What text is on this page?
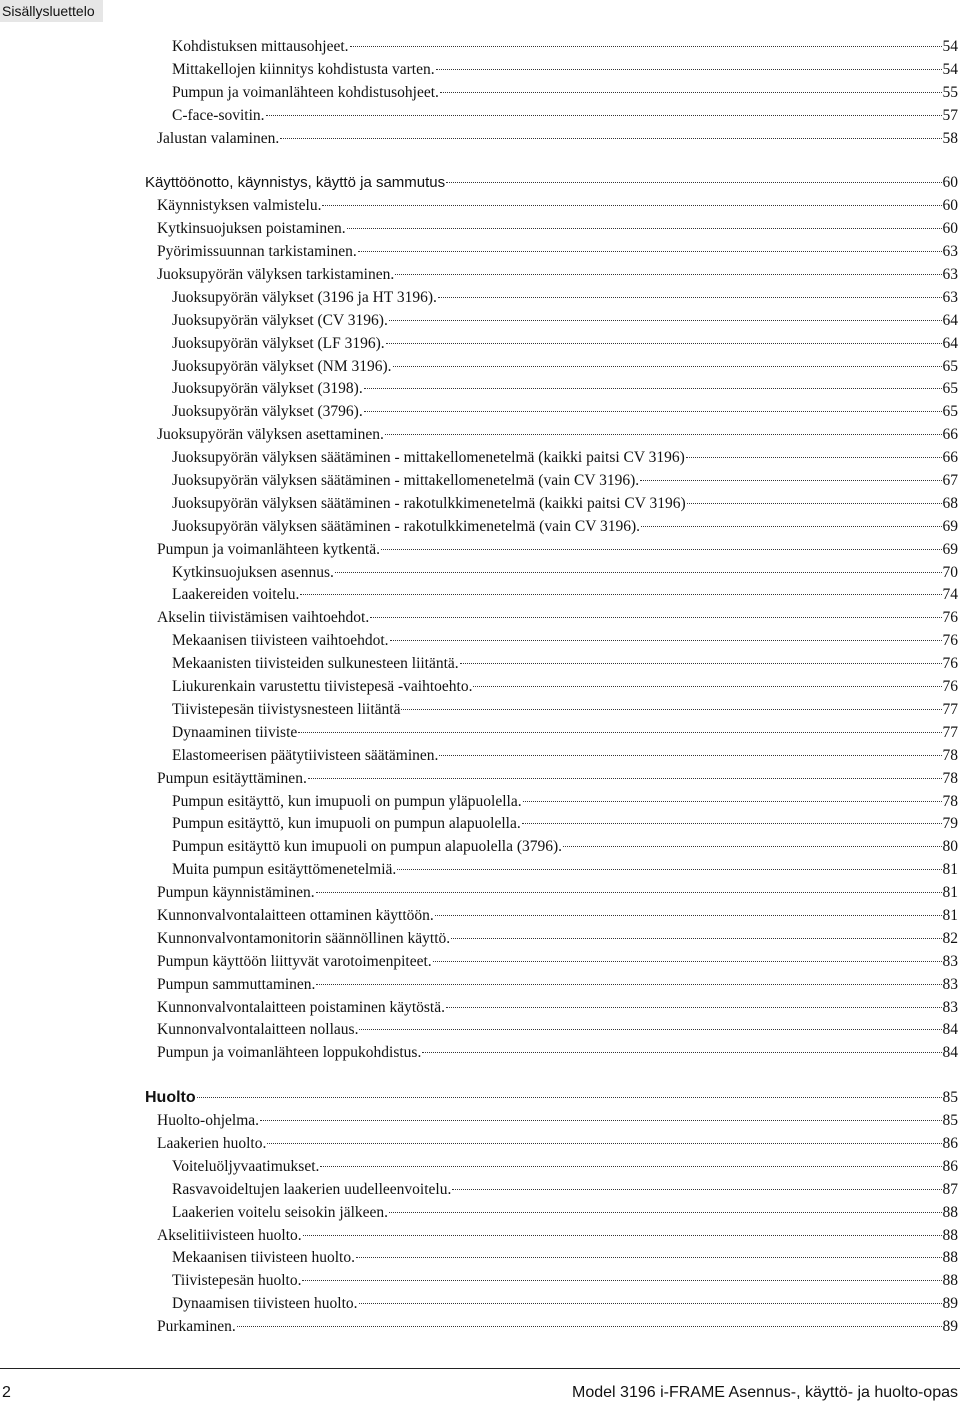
Sisällysluettelo
Kohdistuksen mittausohjeet.	54
Mittakellojen kiinnitys kohdistusta varten.	54
Pumpun ja voimanlähteen kohdistusohjeet.	55
C-face-sovitin.	57
Jalustan valaminen.	58
Käyttöönotto, käynnistys, käyttö ja sammutus	60
Käynnistyksen valmistelu.	60
Kytkinsuojuksen poistaminen.	60
Pyörimissuunnan tarkistaminen.	63
Juoksupyörän välyksen tarkistaminen.	63
Juoksupyörän välykset (3196 ja HT 3196).	63
Juoksupyörän välykset (CV 3196).	64
Juoksupyörän välykset (LF 3196).	64
Juoksupyörän välykset (NM 3196).	65
Juoksupyörän välykset (3198).	65
Juoksupyörän välykset (3796).	65
Juoksupyörän välyksen asettaminen.	66
Juoksupyörän välyksen säätäminen - mittakellomenetelmä (kaikki paitsi CV 3196)	66
Juoksupyörän välyksen säätäminen - mittakellomenetelmä (vain CV 3196).	67
Juoksupyörän välyksen säätäminen - rakotulkkimenetelmä (kaikki paitsi CV 3196)	68
Juoksupyörän välyksen säätäminen - rakotulkkimenetelmä (vain CV 3196).	69
Pumpun ja voimanlähteen kytkentä.	69
Kytkinsuojuksen asennus.	70
Laakereiden voitelu.	74
Akselin tiivistämisen vaihtoehdot.	76
Mekaanisen tiivisteen vaihtoehdot.	76
Mekaanisten tiivisteiden sulkunesteen liitäntä.	76
Liukurenkain varustettu tiivistepesä -vaihtoehto.	76
Tiivistepesän tiivistysnesteen liitäntä	77
Dynaaminen tiiviste	77
Elastomeerisen päätytiivisteen säätäminen.	78
Pumpun esitäyttäminen.	78
Pumpun esitäyttö, kun imupuoli on pumpun yläpuolella.	78
Pumpun esitäyttö, kun imupuoli on pumpun alapuolella.	79
Pumpun esitäyttö kun imupuoli on pumpun alapuolella (3796).	80
Muita pumpun esitäyttömenetelmiä.	81
Pumpun käynnistäminen.	81
Kunnonvalvontalaitteen ottaminen käyttöön.	81
Kunnonvalvontamonitorin säännöllinen käyttö.	82
Pumpun käyttöön liittyvät varotoimenpiteet.	83
Pumpun sammuttaminen.	83
Kunnonvalvontalaitteen poistaminen käytöstä.	83
Kunnonvalvontalaitteen nollaus.	84
Pumpun ja voimanlähteen loppukohdistus.	84
Huolto	85
Huolto-ohjelma.	85
Laakerien huolto.	86
Voiteluöljyvaatimukset.	86
Rasvavoideltujen laakerien uudelleenvoitelu.	87
Laakerien voitelu seisokin jälkeen.	88
Akselitiivisteen huolto.	88
Mekaanisen tiivisteen huolto.	88
Tiivistepesän huolto.	88
Dynaamisen tiivisteen huolto.	89
Purkaminen.	89
2	Model 3196 i-FRAME Asennus-, käyttö- ja huolto-opas
